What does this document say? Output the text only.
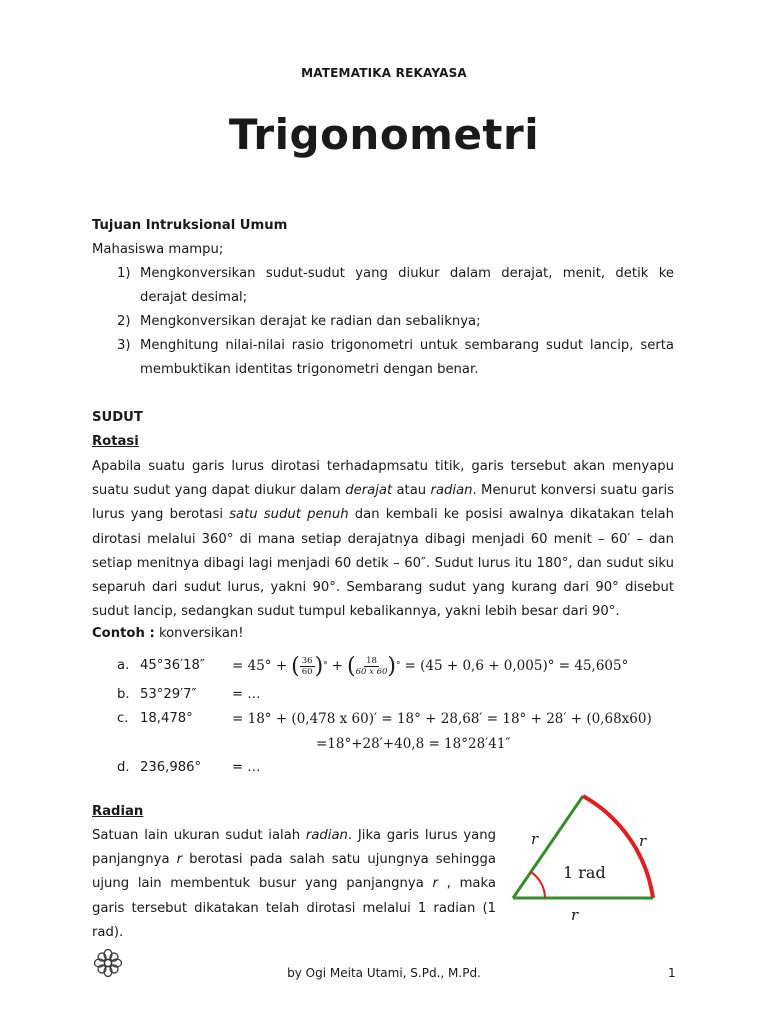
MATEMATIKA REKAYASA
Trigonometri
Tujuan Intruksional Umum
Mahasiswa mampu;
1) Mengkonversikan sudut-sudut yang diukur dalam derajat, menit, detik ke derajat desimal;
2) Mengkonversikan derajat ke radian dan sebaliknya;
3) Menghitung nilai-nilai rasio trigonometri untuk sembarang sudut lancip, serta membuktikan identitas trigonometri dengan benar.
SUDUT
Rotasi
Apabila suatu garis lurus dirotasi terhadapmsatu titik, garis tersebut akan menyapu suatu sudut yang dapat diukur dalam derajat atau radian. Menurut konversi suatu garis lurus yang berotasi satu sudut penuh dan kembali ke posisi awalnya dikatakan telah dirotasi melalui 360° di mana setiap derajatnya dibagi menjadi 60 menit – 60′ – dan setiap menitnya dibagi lagi menjadi 60 detik – 60″. Sudut lurus itu 180°, dan sudut siku separuh dari sudut lurus, yakni 90°. Sembarang sudut yang kurang dari 90° disebut sudut lancip, sedangkan sudut tumpul kebalikannya, yakni lebih besar dari 90°.
Contoh : konversikan!
a. 45°36′18″ = 45° + ( $\frac{36}{60}$ ) ° + ( $\frac{18}{60 x 60}$ ) ° = (45 + 0,6 + 0,005)° = 45,605°
b. 53°29′7″	= …
c. 18,478°	= 18° + (0,478 x 60)′ = 18° + 28,68′ = 18° + 28′ + (0,68x60)
=18°+28′+40,8 = 18°28′41″
d. 236,986° = …
Radian
Satuan lain ukuran sudut ialah radian. Jika garis lurus yang panjangnya r berotasi pada salah satu ujungnya sehingga ujung lain membentuk busur yang panjangnya r , maka garis tersebut dikatakan telah dirotasi melalui 1 radian (1 rad).
r	r
r
1 rad
by Ogi Meita Utami, S.Pd., M.Pd.	1
